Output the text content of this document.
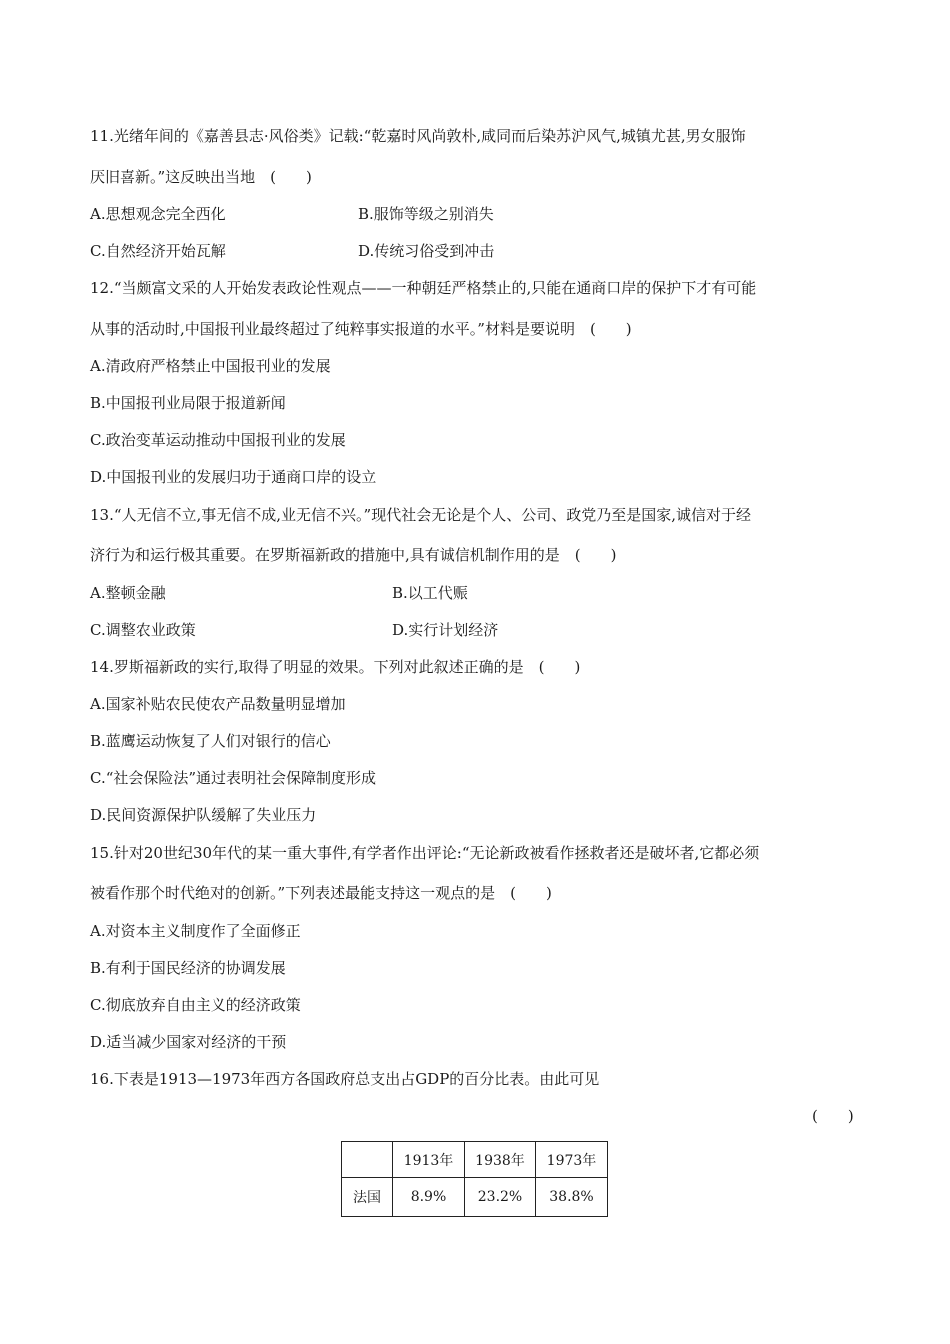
11.光绪年间的《嘉善县志·风俗类》记载:“乾嘉时风尚敦朴,咸同而后染苏沪风气,城镇尤甚,男女服饰
厌旧喜新。”这反映出当地　(　　)
A.思想观念完全西化	B.服饰等级之别消失
C.自然经济开始瓦解	D.传统习俗受到冲击
12.“当颇富文采的人开始发表政论性观点——一种朝廷严格禁止的,只能在通商口岸的保护下才有可能
从事的活动时,中国报刊业最终超过了纯粹事实报道的水平。”材料是要说明　(　　)
A.清政府严格禁止中国报刊业的发展
B.中国报刊业局限于报道新闻
C.政治变革运动推动中国报刊业的发展
D.中国报刊业的发展归功于通商口岸的设立
13.“人无信不立,事无信不成,业无信不兴。”现代社会无论是个人、公司、政党乃至是国家,诚信对于经
济行为和运行极其重要。在罗斯福新政的措施中,具有诚信机制作用的是　(　　)
A.整顿金融	B.以工代赈
C.调整农业政策	D.实行计划经济
14.罗斯福新政的实行,取得了明显的效果。下列对此叙述正确的是　(　　)
A.国家补贴农民使农产品数量明显增加
B.蓝鹰运动恢复了人们对银行的信心
C.“社会保险法”通过表明社会保障制度形成
D.民间资源保护队缓解了失业压力
15.针对20世纪30年代的某一重大事件,有学者作出评论:“无论新政被看作拯救者还是破坏者,它都必须
被看作那个时代绝对的创新。”下列表述最能支持这一观点的是　(　　)
A.对资本主义制度作了全面修正
B.有利于国民经济的协调发展
C.彻底放弃自由主义的经济政策
D.适当减少国家对经济的干预
16.下表是1913—1973年西方各国政府总支出占GDP的百分比表。由此可见
(　　)
	1913年	1938年	1973年
法国	8.9%	23.2%	38.8%
